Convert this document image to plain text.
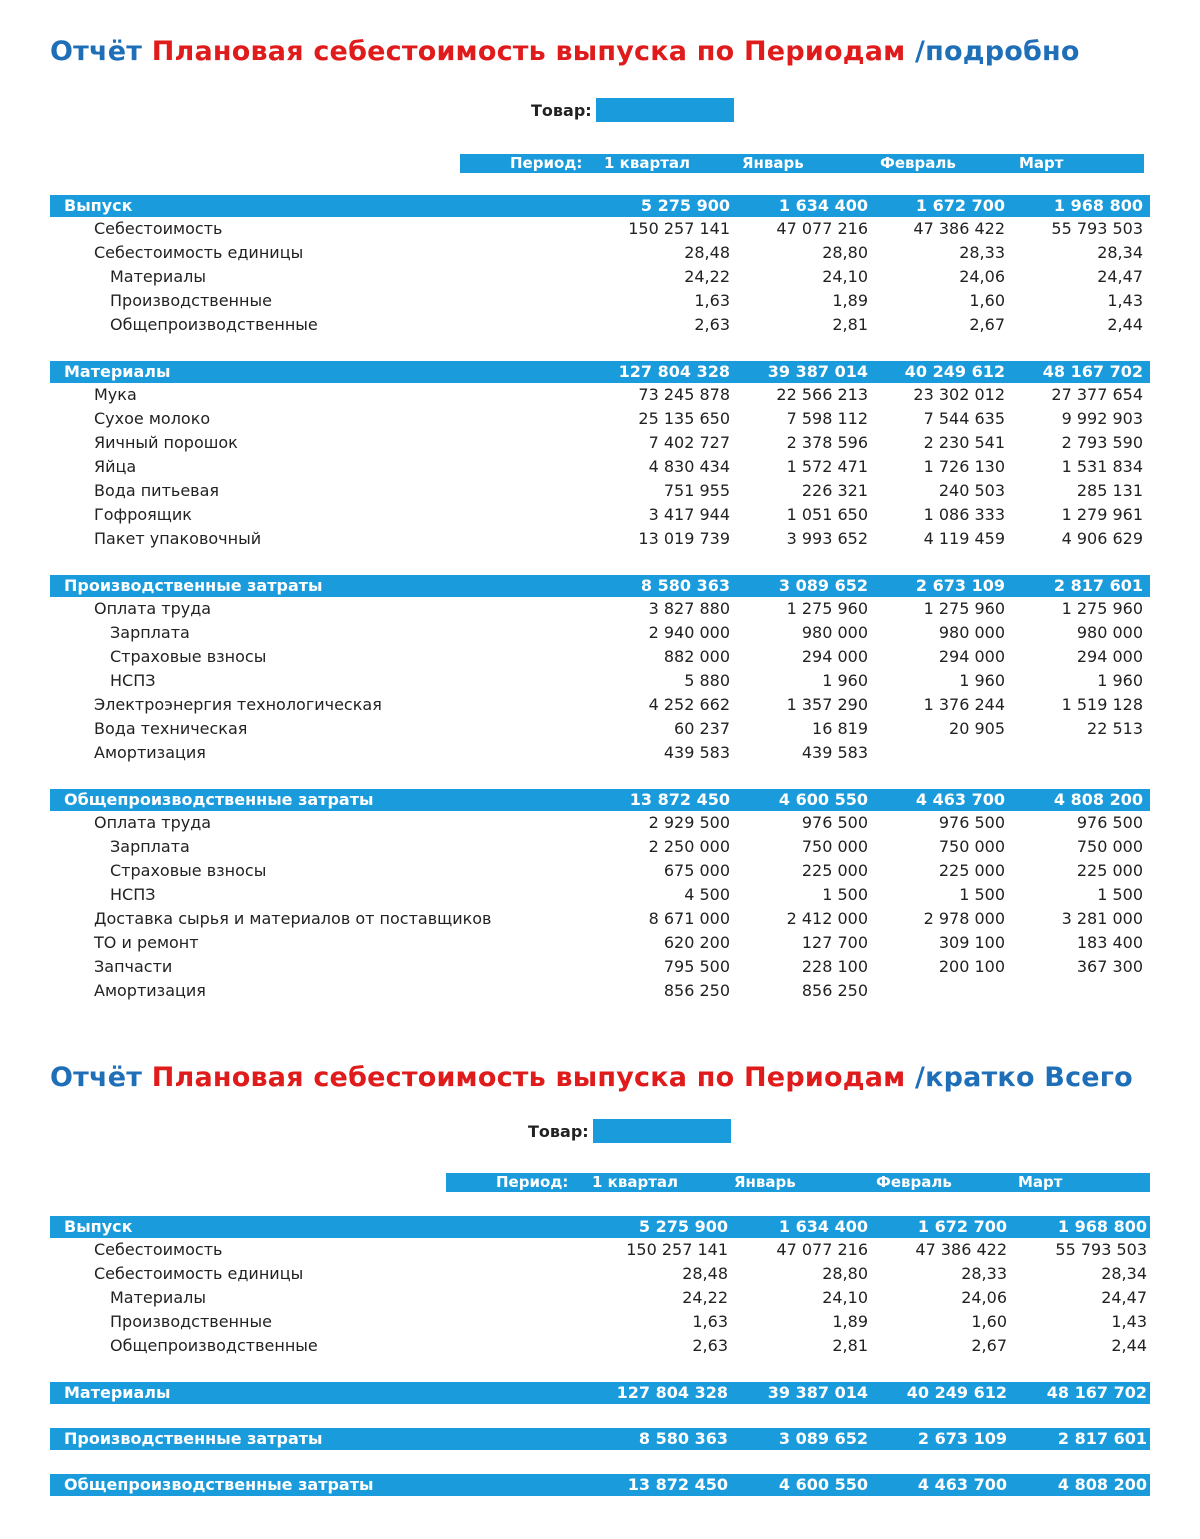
Отчёт Плановая себестоимость выпуска по Периодам /подробно
Товар:
Период: 1 квартал	Январь	Февраль	Март
Выпуск	5 275 900	1 634 400	1 672 700	1 968 800
Себестоимость	150 257 141	47 077 216	47 386 422	55 793 503
Себестоимость единицы	28,48	28,80	28,33	28,34
Материалы	24,22	24,10	24,06	24,47
Производственные	1,63	1,89	1,60	1,43
Общепроизводственные	2,63	2,81	2,67	2,44
Материалы	127 804 328	39 387 014	40 249 612	48 167 702
Мука	73 245 878	22 566 213	23 302 012	27 377 654
Сухое молоко	25 135 650	7 598 112	7 544 635	9 992 903
Яичный порошок	7 402 727	2 378 596	2 230 541	2 793 590
Яйца	4 830 434	1 572 471	1 726 130	1 531 834
Вода питьевая	751 955	226 321	240 503	285 131
Гофроящик	3 417 944	1 051 650	1 086 333	1 279 961
Пакет упаковочный	13 019 739	3 993 652	4 119 459	4 906 629
Производственные затраты	8 580 363	3 089 652	2 673 109	2 817 601
Оплата труда	3 827 880	1 275 960	1 275 960	1 275 960
Зарплата	2 940 000	980 000	980 000	980 000
Страховые взносы	882 000	294 000	294 000	294 000
НСПЗ	5 880	1 960	1 960	1 960
Электроэнергия технологическая	4 252 662	1 357 290	1 376 244	1 519 128
Вода техническая	60 237	16 819	20 905	22 513
Амортизация	439 583	439 583
Общепроизводственные затраты	13 872 450	4 600 550	4 463 700	4 808 200
Оплата труда	2 929 500	976 500	976 500	976 500
Зарплата	2 250 000	750 000	750 000	750 000
Страховые взносы	675 000	225 000	225 000	225 000
НСПЗ	4 500	1 500	1 500	1 500
Доставка сырья и материалов от поставщиков	8 671 000	2 412 000	2 978 000	3 281 000
ТО и ремонт	620 200	127 700	309 100	183 400
Запчасти	795 500	228 100	200 100	367 300
Амортизация	856 250	856 250
Отчёт Плановая себестоимость выпуска по Периодам /кратко Всего
Товар:
Период: 1 квартал	Январь	Февраль	Март
Выпуск	5 275 900	1 634 400	1 672 700	1 968 800
Себестоимость	150 257 141	47 077 216	47 386 422	55 793 503
Себестоимость единицы	28,48	28,80	28,33	28,34
Материалы	24,22	24,10	24,06	24,47
Производственные	1,63	1,89	1,60	1,43
Общепроизводственные	2,63	2,81	2,67	2,44
Материалы	127 804 328	39 387 014	40 249 612	48 167 702
Производственные затраты	8 580 363	3 089 652	2 673 109	2 817 601
Общепроизводственные затраты	13 872 450	4 600 550	4 463 700	4 808 200
